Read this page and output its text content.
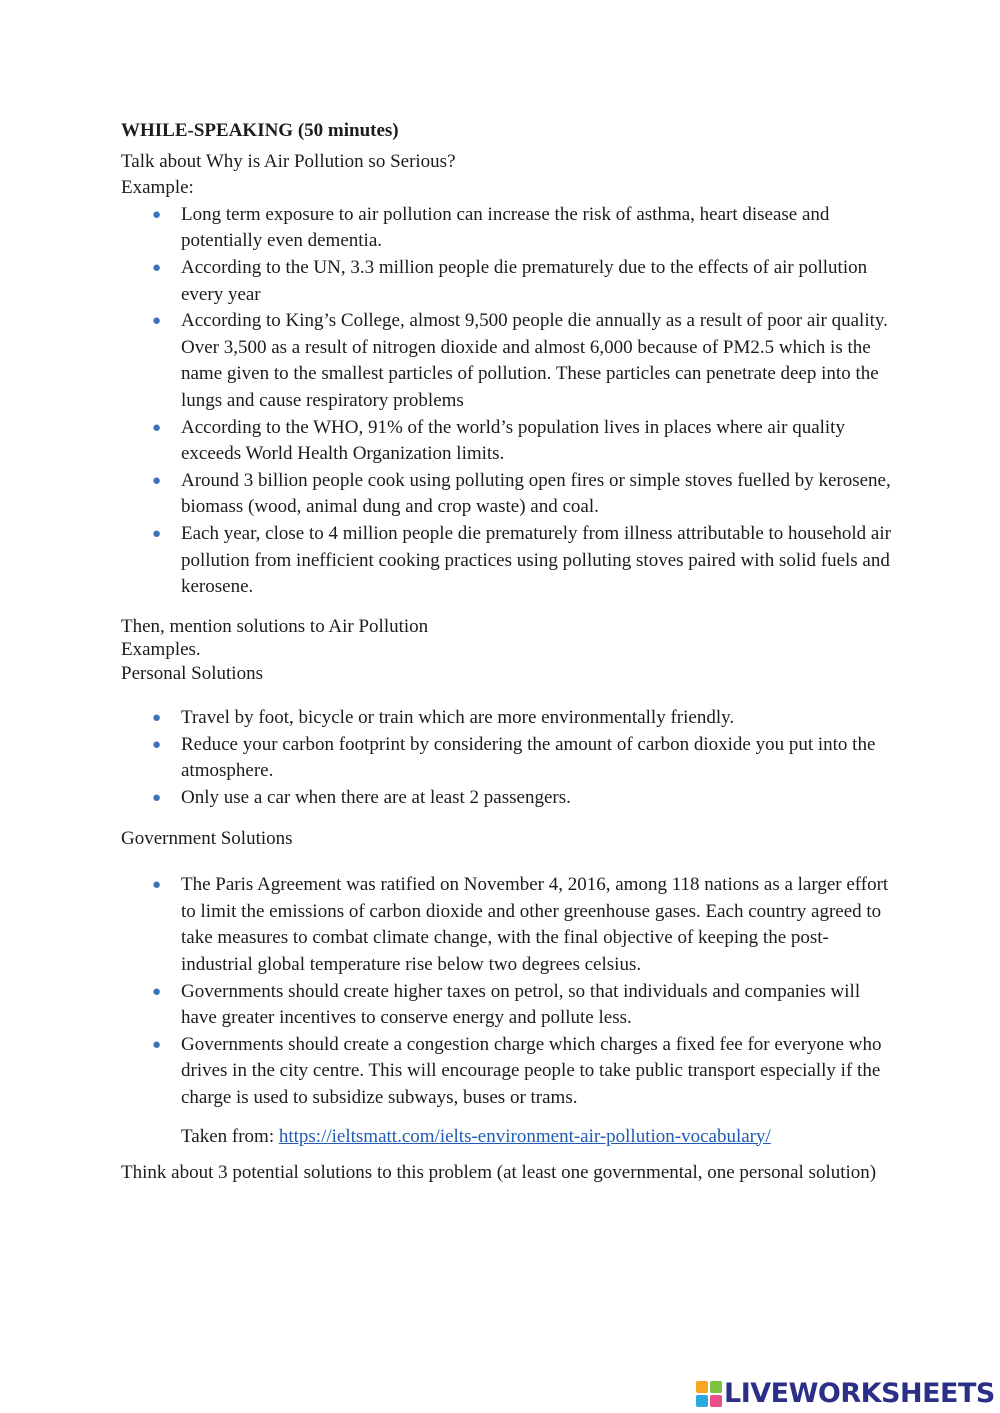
WHILE-SPEAKING (50 minutes)

Talk about Why is Air Pollution so Serious?

Example:

● Long term exposure to air pollution can increase the risk of asthma, heart disease and potentially even dementia.
● According to the UN, 3.3 million people die prematurely due to the effects of air pollution every year
● According to King’s College, almost 9,500 people die annually as a result of poor air quality. Over 3,500 as a result of nitrogen dioxide and almost 6,000 because of PM2.5 which is the name given to the smallest particles of pollution. These particles can penetrate deep into the lungs and cause respiratory problems
● According to the WHO, 91% of the world’s population lives in places where air quality exceeds World Health Organization limits.
● Around 3 billion people cook using polluting open fires or simple stoves fuelled by kerosene, biomass (wood, animal dung and crop waste) and coal.
● Each year, close to 4 million people die prematurely from illness attributable to household air pollution from inefficient cooking practices using polluting stoves paired with solid fuels and kerosene.

Then, mention solutions to Air Pollution

Examples.

Personal Solutions

● Travel by foot, bicycle or train which are more environmentally friendly.
● Reduce your carbon footprint by considering the amount of carbon dioxide you put into the atmosphere.
● Only use a car when there are at least 2 passengers.

Government Solutions

● The Paris Agreement was ratified on November 4, 2016, among 118 nations as a larger effort to limit the emissions of carbon dioxide and other greenhouse gases. Each country agreed to take measures to combat climate change, with the final objective of keeping the post-industrial global temperature rise below two degrees celsius.
● Governments should create higher taxes on petrol, so that individuals and companies will have greater incentives to conserve energy and pollute less.
● Governments should create a congestion charge which charges a fixed fee for everyone who drives in the city centre. This will encourage people to take public transport especially if the charge is used to subsidize subways, buses or trams.

Taken from: https://ieltsmatt.com/ielts-environment-air-pollution-vocabulary/

Think about 3 potential solutions to this problem (at least one governmental, one personal solution)

LIVEWORKSHEETS
